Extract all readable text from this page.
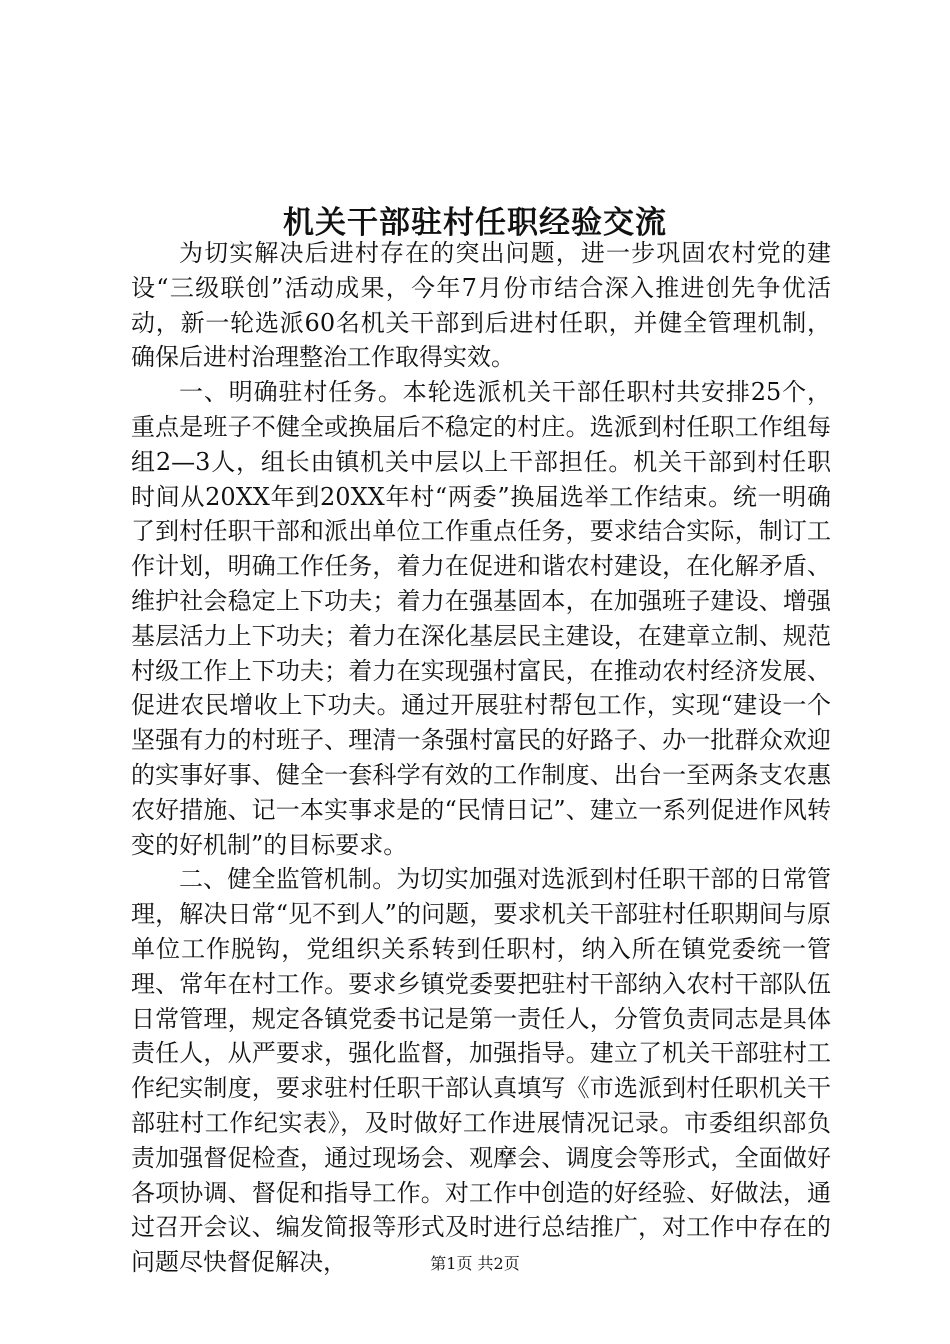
机关干部驻村任职经验交流

为切实解决后进村存在的突出问题，进一步巩固农村党的建设“三级联创”活动成果，今年7月份市结合深入推进创先争优活动，新一轮选派60名机关干部到后进村任职，并健全管理机制，确保后进村治理整治工作取得实效。

一、明确驻村任务。本轮选派机关干部任职村共安排25个，重点是班子不健全或换届后不稳定的村庄。选派到村任职工作组每组2—3人，组长由镇机关中层以上干部担任。机关干部到村任职时间从20XX年到20XX年村“两委”换届选举工作结束。统一明确了到村任职干部和派出单位工作重点任务，要求结合实际，制订工作计划，明确工作任务，着力在促进和谐农村建设，在化解矛盾、维护社会稳定上下功夫；着力在强基固本，在加强班子建设、增强基层活力上下功夫；着力在深化基层民主建设，在建章立制、规范村级工作上下功夫；着力在实现强村富民，在推动农村经济发展、促进农民增收上下功夫。通过开展驻村帮包工作，实现“建设一个坚强有力的村班子、理清一条强村富民的好路子、办一批群众欢迎的实事好事、健全一套科学有效的工作制度、出台一至两条支农惠农好措施、记一本实事求是的“民情日记”、建立一系列促进作风转变的好机制”的目标要求。

二、健全监管机制。为切实加强对选派到村任职干部的日常管理，解决日常“见不到人”的问题，要求机关干部驻村任职期间与原单位工作脱钩，党组织关系转到任职村，纳入所在镇党委统一管理、常年在村工作。要求乡镇党委要把驻村干部纳入农村干部队伍日常管理，规定各镇党委书记是第一责任人，分管负责同志是具体责任人，从严要求，强化监督，加强指导。建立了机关干部驻村工作纪实制度，要求驻村任职干部认真填写《市选派到村任职机关干部驻村工作纪实表》，及时做好工作进展情况记录。市委组织部负责加强督促检查，通过现场会、观摩会、调度会等形式，全面做好各项协调、督促和指导工作。对工作中创造的好经验、好做法，通过召开会议、编发简报等形式及时进行总结推广，对工作中存在的问题尽快督促解决，	第1页 共2页
